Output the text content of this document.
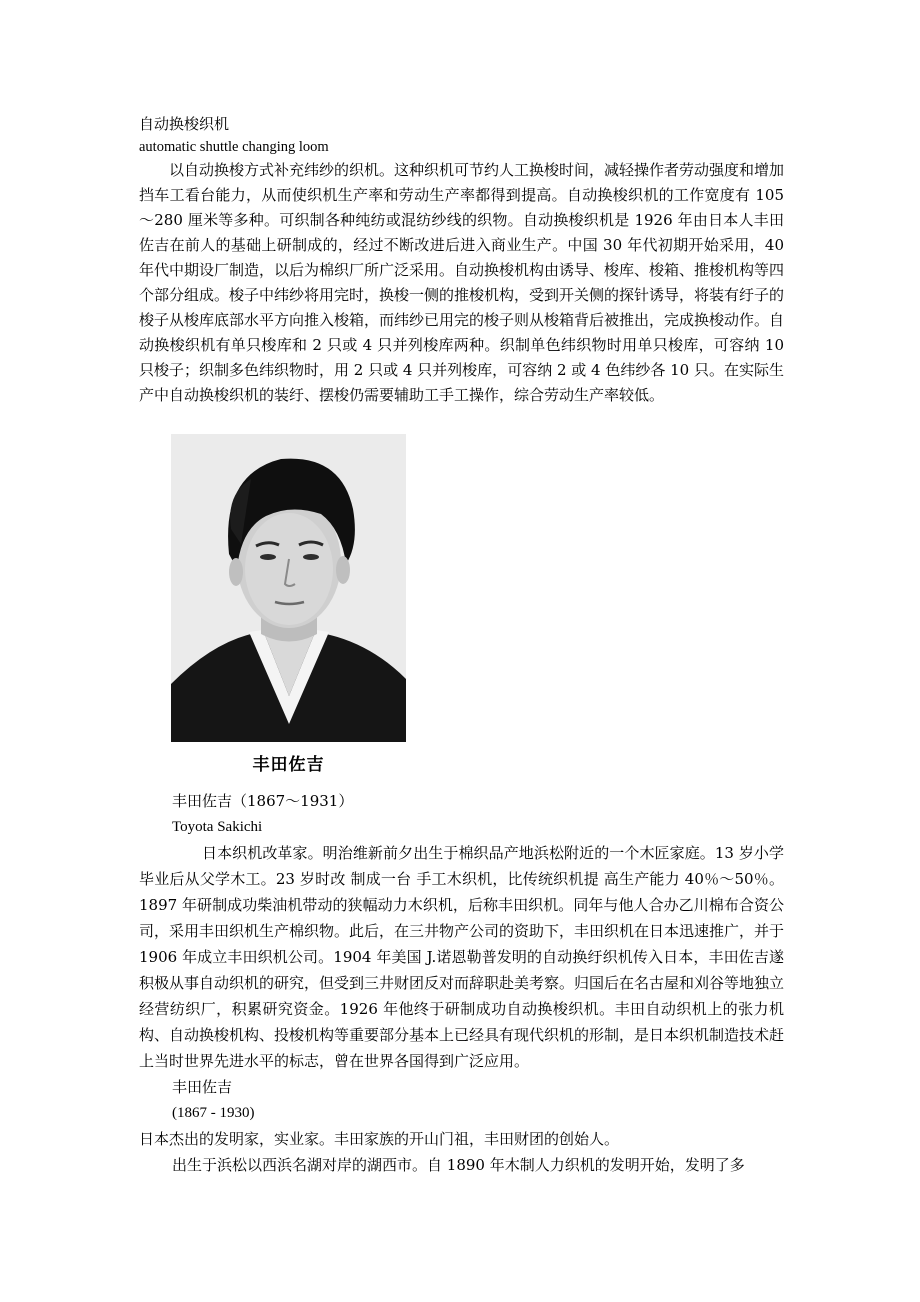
自动换梭织机

automatic shuttle changing loom

以自动换梭方式补充纬纱的织机。这种织机可节约人工换梭时间，减轻操作者劳动强度和增加挡车工看台能力，从而使织机生产率和劳动生产率都得到提高。自动换梭织机的工作宽度有 105～280 厘米等多种。可织制各种纯纺或混纺纱线的织物。自动换梭织机是 1926 年由日本人丰田佐吉在前人的基础上研制成的，经过不断改进后进入商业生产。中国 30 年代初期开始采用，40 年代中期设厂制造，以后为棉织厂所广泛采用。自动换梭机构由诱导、梭库、梭箱、推梭机构等四个部分组成。梭子中纬纱将用完时，换梭一侧的推梭机构，受到开关侧的探针诱导，将装有纡子的梭子从梭库底部水平方向推入梭箱，而纬纱已用完的梭子则从梭箱背后被推出，完成换梭动作。自动换梭织机有单只梭库和 2 只或 4 只并列梭库两种。织制单色纬织物时用单只梭库，可容纳 10 只梭子；织制多色纬织物时，用 2 只或 4 只并列梭库，可容纳 2 或 4 色纬纱各 10 只。在实际生产中自动换梭织机的装纡、摆梭仍需要辅助工手工操作，综合劳动生产率较低。

丰田佐吉

丰田佐吉（1867～1931）

Toyota Sakichi

日本织机改革家。明治维新前夕出生于棉织品产地浜松附近的一个木匠家庭。13 岁小学毕业后从父学木工。23 岁时改 制成一台 手工木织机，比传统织机提 高生产能力 40％～50％。1897 年研制成功柴油机带动的狭幅动力木织机，后称丰田织机。同年与他人合办乙川棉布合资公司，采用丰田织机生产棉织物。此后，在三井物产公司的资助下，丰田织机在日本迅速推广，并于 1906 年成立丰田织机公司。1904 年美国 J.诺恩勒普发明的自动换纡织机传入日本，丰田佐吉遂积极从事自动织机的研究，但受到三井财团反对而辞职赴美考察。归国后在名古屋和刈谷等地独立经营纺织厂，积累研究资金。1926 年他终于研制成功自动换梭织机。丰田自动织机上的张力机构、自动换梭机构、投梭机构等重要部分基本上已经具有现代织机的形制，是日本织机制造技术赶上当时世界先进水平的标志，曾在世界各国得到广泛应用。

丰田佐吉

(1867 - 1930)

日本杰出的发明家，实业家。丰田家族的开山门祖，丰田财团的创始人。

出生于浜松以西浜名湖对岸的湖西市。自 1890 年木制人力织机的发明开始，发明了多
